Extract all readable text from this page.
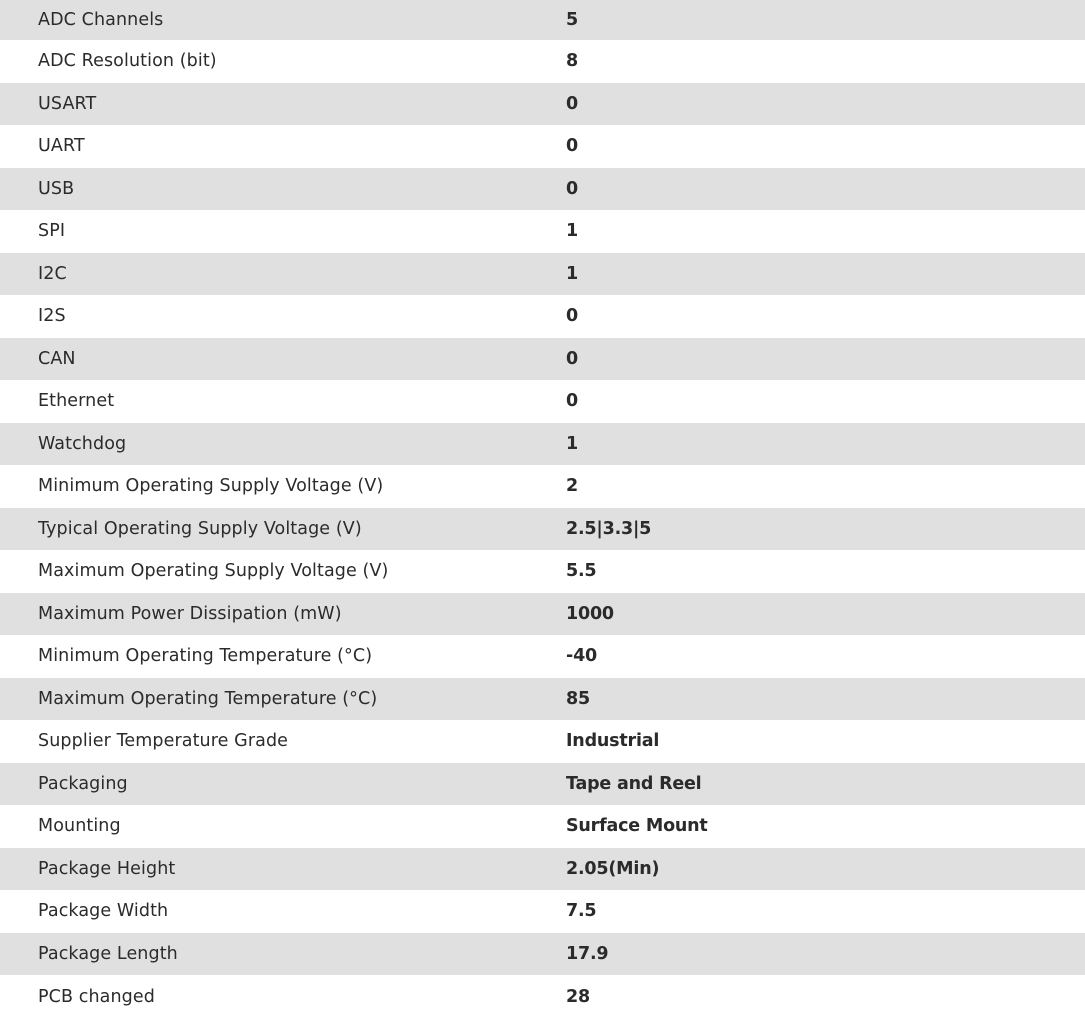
ADC Channels	5
ADC Resolution (bit)	8
USART	0
UART	0
USB	0
SPI	1
I2C	1
I2S	0
CAN	0
Ethernet	0
Watchdog	1
Minimum Operating Supply Voltage (V)	2
Typical Operating Supply Voltage (V)	2.5|3.3|5
Maximum Operating Supply Voltage (V)	5.5
Maximum Power Dissipation (mW)	1000
Minimum Operating Temperature (°C)	-40
Maximum Operating Temperature (°C)	85
Supplier Temperature Grade	Industrial
Packaging	Tape and Reel
Mounting	Surface Mount
Package Height	2.05(Min)
Package Width	7.5
Package Length	17.9
PCB changed	28
